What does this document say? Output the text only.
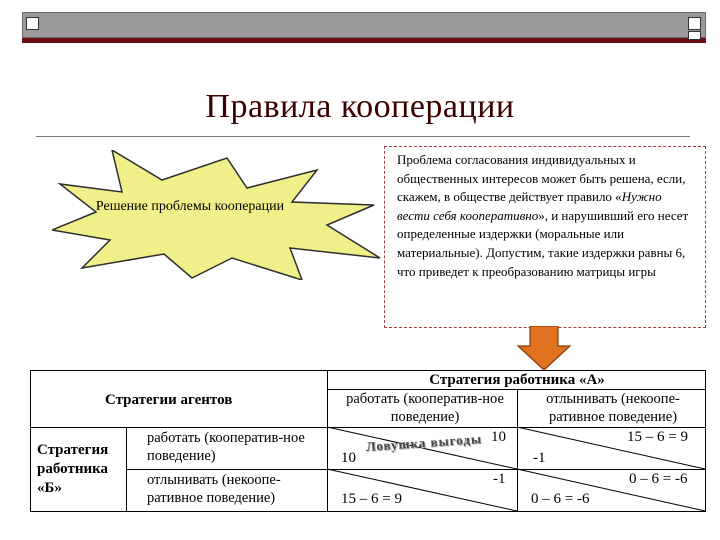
Правила кооперации
Решение проблемы кооперации
Проблема согласования индивидуальных и общественных интересов может быть решена, если, скажем, в обществе действует правило «Нужно вести себя кооперативно», и нарушивший его несет определенные издержки (моральные или материальные). Допустим, такие издержки равны 6, что приведет к преобразованию матрицы игры
Стратегии агентов
Стратегия работника «А»
работать (кооператив-ное поведение)
отлынивать (некоопе-ративное поведение)
Стратегия работника «Б»
работать (кооператив-ное поведение)
отлынивать (некоопе-ративное поведение)
10
10
15 – 6 = 9
-1
-1
15 – 6 = 9
0 – 6 = -6
0 – 6 = -6
Ловушка выгоды
